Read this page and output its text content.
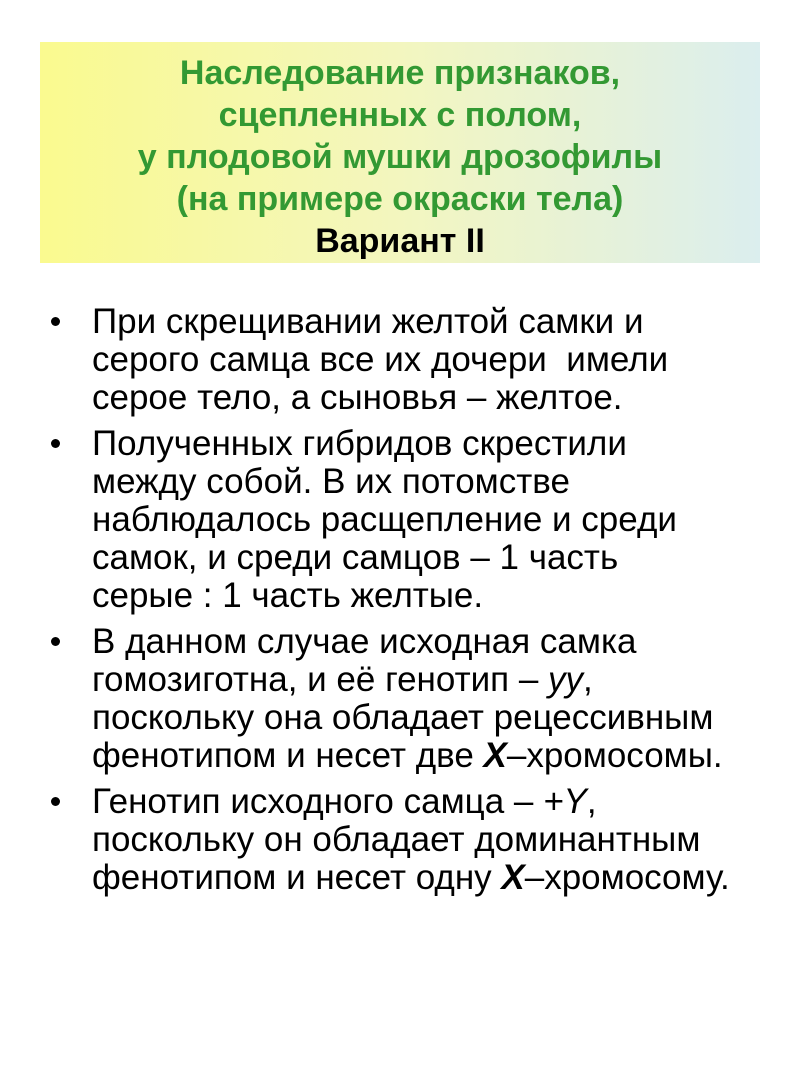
Наследование признаков,
сцепленных с полом,
у плодовой мушки дрозофилы
(на примере окраски тела)
Вариант II
При скрещивании желтой самки и
серого самца все их дочери  имели
серое тело, а сыновья – желтое.
Полученных гибридов скрестили
между собой. В их потомстве
наблюдалось расщепление и среди
самок, и среди самцов – 1 часть
серые : 1 часть желтые.
В данном случае исходная самка
гомозиготна, и её генотип – yy,
поскольку она обладает рецессивным
фенотипом и несет две X–хромосомы.
Генотип исходного самца – +Y,
поскольку он обладает доминантным
фенотипом и несет одну X–хромосому.
